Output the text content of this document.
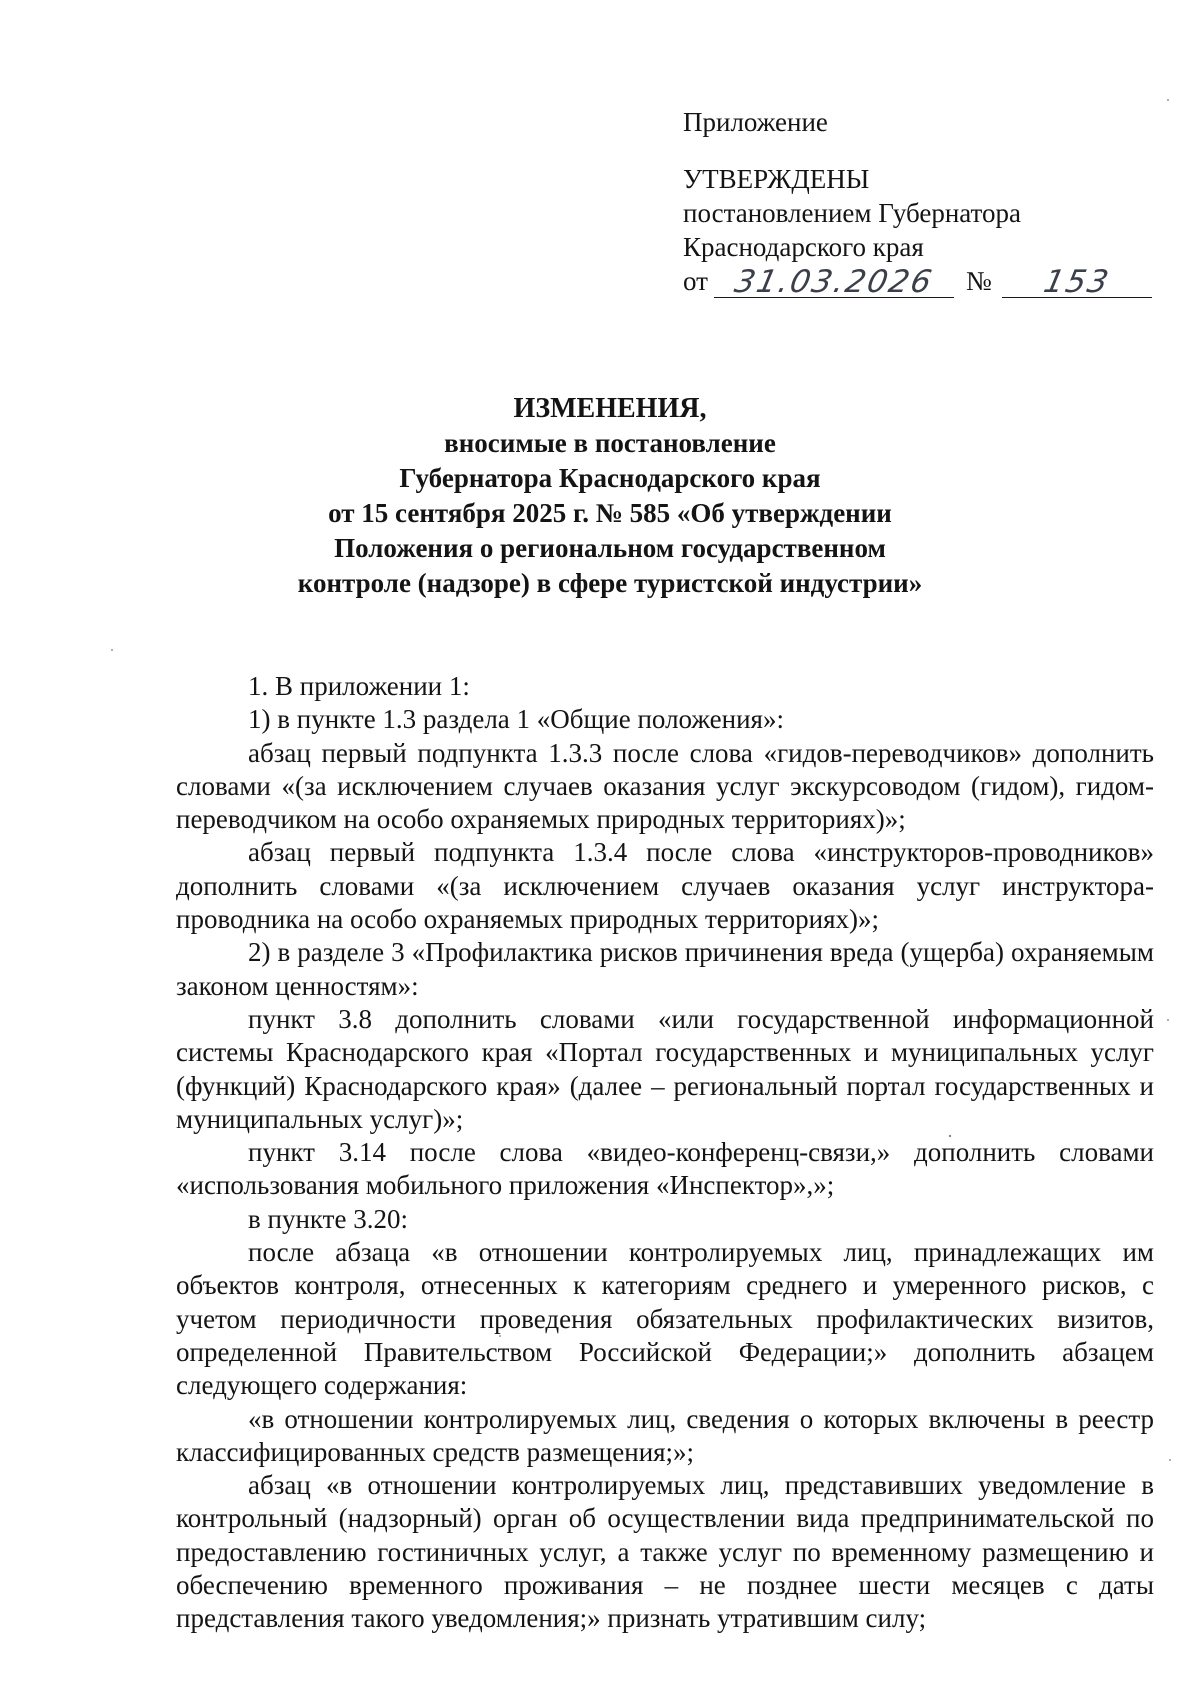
Приложение
УТВЕРЖДЕНЫ
постановлением Губернатора
Краснодарского края
от 31.03.2026	№	153
ИЗМЕНЕНИЯ,
вносимые в постановление
Губернатора Краснодарского края
от 15 сентября 2025 г. № 585 «Об утверждении
Положения о региональном государственном
контроле (надзоре) в сфере туристской индустрии»

1. В приложении 1:

1) в пункте 1.3 раздела 1 «Общие положения»:

абзац первый подпункта 1.3.3 после слова «гидов-переводчиков» дополнить словами «(за исключением случаев оказания услуг экскурсоводом (гидом), гидом-переводчиком на особо охраняемых природных территориях)»;

абзац первый подпункта 1.3.4 после слова «инструкторов-проводников» дополнить словами «(за исключением случаев оказания услуг инструктора-проводника на особо охраняемых природных территориях)»;

2) в разделе 3 «Профилактика рисков причинения вреда (ущерба) охраняемым законом ценностям»:

пункт 3.8 дополнить словами «или государственной информационной системы Краснодарского края «Портал государственных и муниципальных услуг (функций) Краснодарского края» (далее – региональный портал государственных и муниципальных услуг)»;

пункт 3.14 после слова «видео-конференц-связи,» дополнить словами «использования мобильного приложения «Инспектор»,»;

в пункте 3.20:

после абзаца «в отношении контролируемых лиц, принадлежащих им объектов контроля, отнесенных к категориям среднего и умеренного рисков, с учетом периодичности проведения обязательных профилактических визитов, определенной Правительством Российской Федерации;» дополнить абзацем следующего содержания:

«в отношении контролируемых лиц, сведения о которых включены в реестр классифицированных средств размещения;»;

абзац «в отношении контролируемых лиц, представивших уведомление в контрольный (надзорный) орган об осуществлении вида предпринимательской по предоставлению гостиничных услуг, а также услуг по временному размещению и обеспечению временного проживания – не позднее шести месяцев с даты представления такого уведомления;» признать утратившим силу;
